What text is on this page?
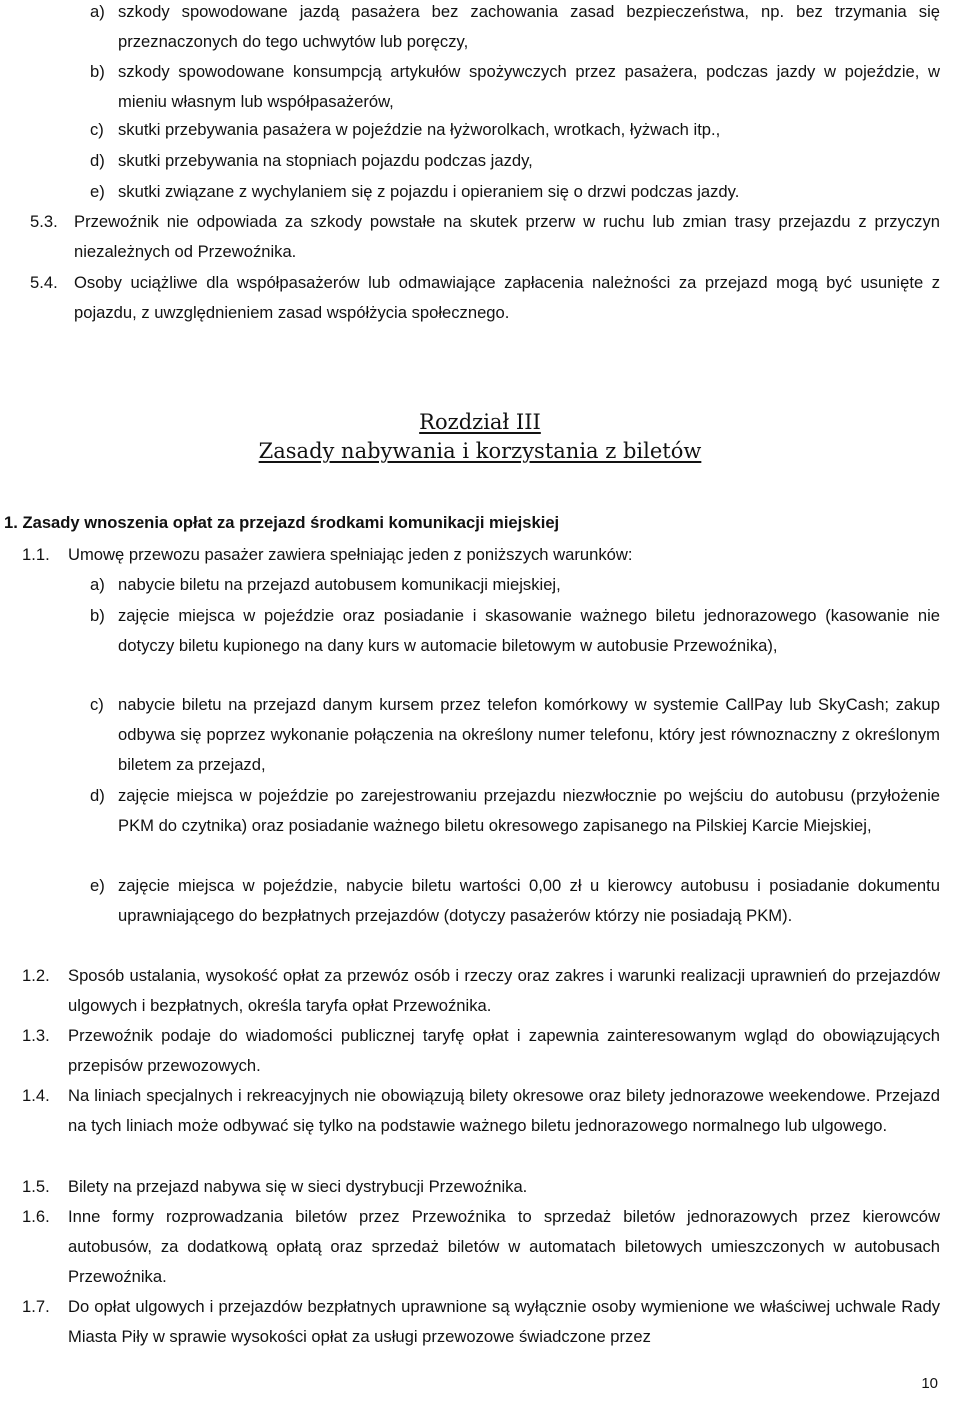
a) szkody spowodowane jazdą pasażera bez zachowania zasad bezpieczeństwa, np. bez trzymania się przeznaczonych do tego uchwytów lub poręczy,
b) szkody spowodowane konsumpcją artykułów spożywczych przez pasażera, podczas jazdy w pojeździe, w mieniu własnym lub współpasażerów,
c) skutki przebywania pasażera w pojeździe na łyżworolkach, wrotkach, łyżwach itp.,
d) skutki przebywania na stopniach pojazdu podczas jazdy,
e) skutki związane z wychylaniem się z pojazdu i opieraniem się o drzwi podczas jazdy.
5.3. Przewoźnik nie odpowiada za szkody powstałe na skutek przerw w ruchu lub zmian trasy przejazdu z przyczyn niezależnych od Przewoźnika.
5.4. Osoby uciążliwe dla współpasażerów lub odmawiające zapłacenia należności za przejazd mogą być usunięte z pojazdu, z uwzględnieniem zasad współżycia społecznego.
Rozdział III
Zasady nabywania i korzystania z biletów
1. Zasady wnoszenia opłat za przejazd środkami komunikacji miejskiej
1.1.	Umowę przewozu pasażer zawiera spełniając jeden z poniższych warunków:
a) nabycie biletu na przejazd autobusem komunikacji miejskiej,
b) zajęcie miejsca w pojeździe oraz posiadanie i skasowanie ważnego biletu jednorazowego (kasowanie nie dotyczy biletu kupionego na dany kurs w automacie biletowym w autobusie Przewoźnika),
c) nabycie biletu na przejazd danym kursem przez telefon komórkowy w systemie CallPay lub SkyCash; zakup odbywa się poprzez wykonanie połączenia na określony numer telefonu, który jest równoznaczny z określonym biletem za przejazd,
d) zajęcie miejsca w pojeździe po zarejestrowaniu przejazdu niezwłocznie po wejściu do autobusu (przyłożenie PKM do czytnika) oraz posiadanie ważnego biletu okresowego zapisanego na Pilskiej Karcie Miejskiej,
e) zajęcie miejsca w pojeździe, nabycie biletu wartości 0,00 zł u kierowcy autobusu i posiadanie dokumentu uprawniającego do bezpłatnych przejazdów (dotyczy pasażerów którzy nie posiadają PKM).
1.2.	Sposób ustalania, wysokość opłat za przewóz osób i rzeczy oraz zakres i warunki realizacji uprawnień do przejazdów ulgowych i bezpłatnych, określa taryfa opłat Przewoźnika.
1.3.	Przewoźnik podaje do wiadomości publicznej taryfę opłat i zapewnia zainteresowanym wgląd do obowiązujących przepisów przewozowych.
1.4.	Na liniach specjalnych i rekreacyjnych nie obowiązują bilety okresowe oraz bilety jednorazowe weekendowe. Przejazd na tych liniach może odbywać się tylko na podstawie ważnego biletu jednorazowego normalnego lub ulgowego.
1.5.	Bilety na przejazd nabywa się w sieci dystrybucji Przewoźnika.
1.6.	Inne formy rozprowadzania biletów przez Przewoźnika to sprzedaż biletów jednorazowych przez kierowców autobusów, za dodatkową opłatą oraz sprzedaż biletów w automatach biletowych umieszczonych w autobusach Przewoźnika.
1.7.	Do opłat ulgowych i przejazdów bezpłatnych uprawnione są wyłącznie osoby wymienione we właściwej uchwale Rady Miasta Piły w sprawie wysokości opłat za usługi przewozowe świadczone przez
10
